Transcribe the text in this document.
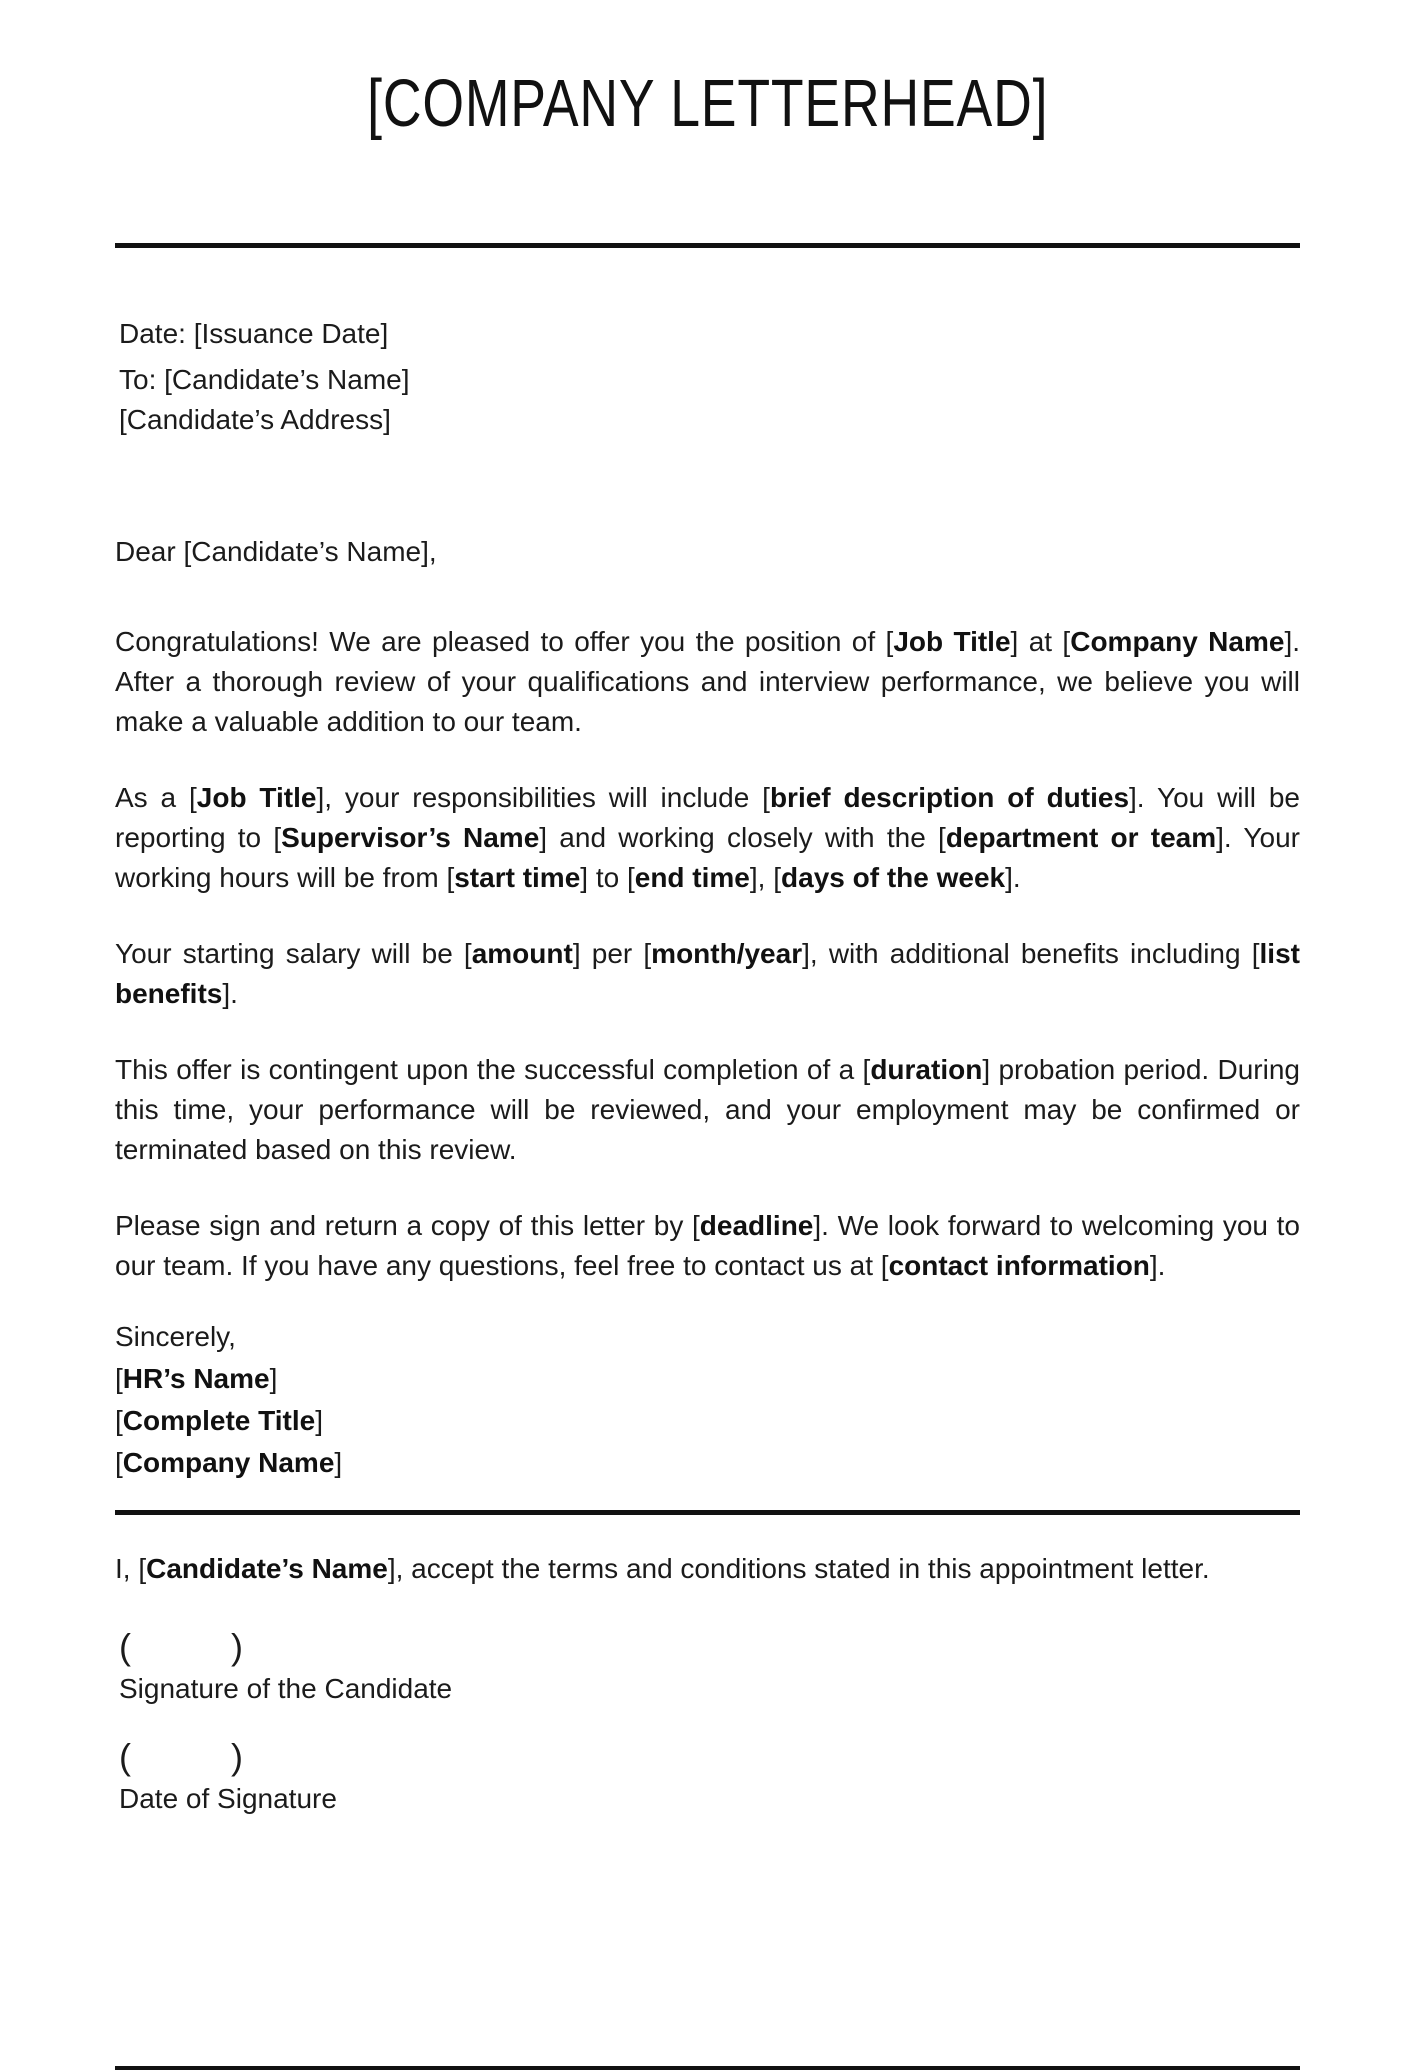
[COMPANY LETTERHEAD]
Date: [Issuance Date]
To: [Candidate’s Name]
[Candidate’s Address]
Dear [Candidate’s Name],

Congratulations! We are pleased to offer you the position of [Job Title] at [Company Name]. After a thorough review of your qualifications and interview performance, we believe you will make a valuable addition to our team.

As a [Job Title], your responsibilities will include [brief description of duties]. You will be reporting to [Supervisor’s Name] and working closely with the [department or team]. Your working hours will be from [start time] to [end time], [days of the week].

Your starting salary will be [amount] per [month/year], with additional benefits including [list benefits].

This offer is contingent upon the successful completion of a [duration] probation period. During this time, your performance will be reviewed, and your employment may be confirmed or terminated based on this review.

Please sign and return a copy of this letter by [deadline]. We look forward to welcoming you to our team. If you have any questions, feel free to contact us at [contact information].

Sincerely,
[HR’s Name]
[Complete Title]
[Company Name]

I, [Candidate’s Name], accept the terms and conditions stated in this appointment letter.

(          )
Signature of the Candidate
(          )
Date of Signature
